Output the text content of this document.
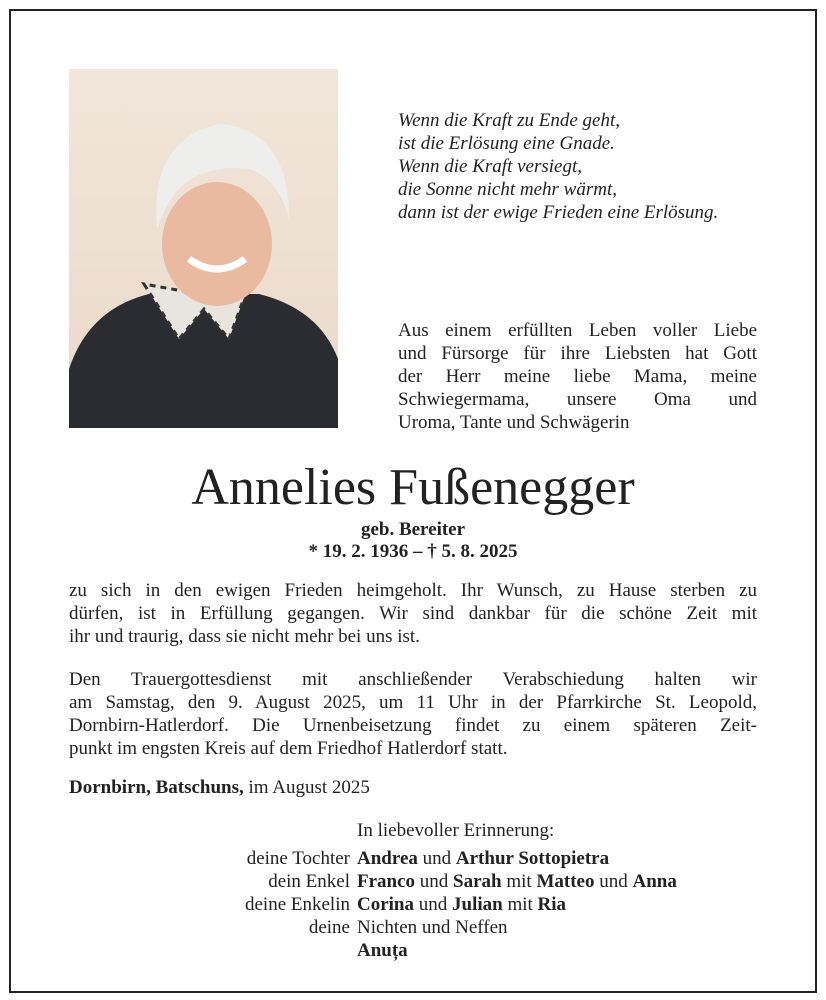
Wenn die Kraft zu Ende geht,
ist die Erlösung eine Gnade.
Wenn die Kraft versiegt,
die Sonne nicht mehr wärmt,
dann ist der ewige Frieden eine Erlösung.
Aus einem erfüllten Leben voller Liebe
und Fürsorge für ihre Liebsten hat Gott
der Herr meine liebe Mama, meine
Schwiegermama, unsere Oma und
Uroma, Tante und Schwägerin
Annelies Fußenegger
geb. Bereiter
* 19. 2. 1936 – † 5. 8. 2025
zu sich in den ewigen Frieden heimgeholt. Ihr Wunsch, zu Hause sterben zu
dürfen, ist in Erfüllung gegangen. Wir sind dankbar für die schöne Zeit mit
ihr und traurig, dass sie nicht mehr bei uns ist.
Den Trauergottesdienst mit anschließender Verabschiedung halten wir
am Samstag, den 9. August 2025, um 11 Uhr in der Pfarrkirche St. Leopold,
Dornbirn-Hatlerdorf. Die Urnenbeisetzung findet zu einem späteren Zeit-
punkt im engsten Kreis auf dem Friedhof Hatlerdorf statt.
Dornbirn, Batschuns, im August 2025
In liebevoller Erinnerung:
deine Tochter Andrea und Arthur Sottopietra
dein Enkel Franco und Sarah mit Matteo und Anna
deine Enkelin Corina und Julian mit Ria
deine Nichten und Neffen
Anuța
